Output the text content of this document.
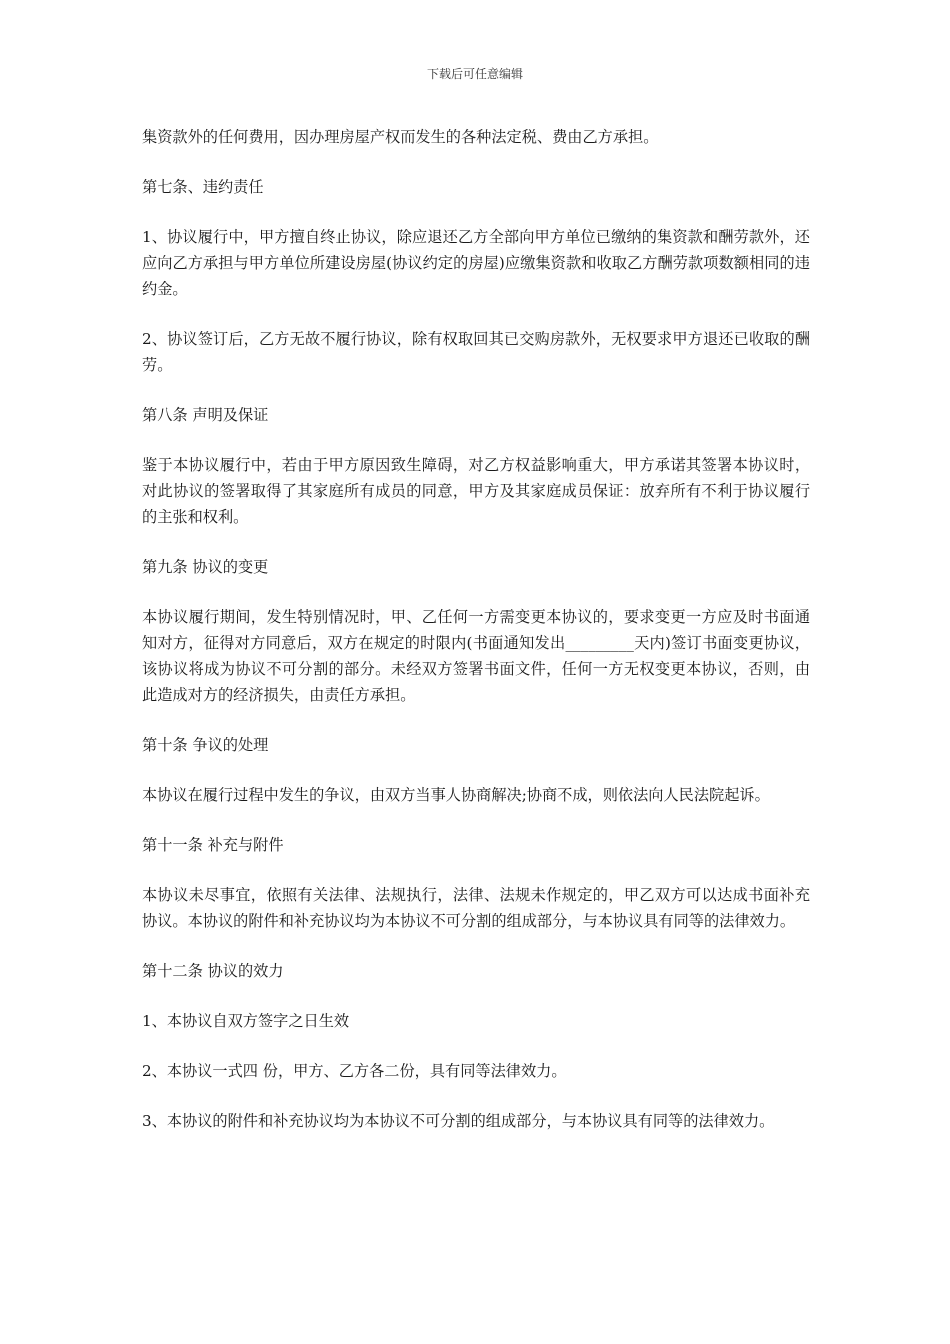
下载后可任意编辑

集资款外的任何费用，因办理房屋产权而发生的各种法定税、费由乙方承担。

第七条、违约责任

1、协议履行中，甲方擅自终止协议，除应退还乙方全部向甲方单位已缴纳的集资款和酬劳款外，还应向乙方承担与甲方单位所建设房屋(协议约定的房屋)应缴集资款和收取乙方酬劳款项数额相同的违约金。

2、协议签订后，乙方无故不履行协议，除有权取回其已交购房款外，无权要求甲方退还已收取的酬劳。

第八条 声明及保证

鉴于本协议履行中，若由于甲方原因致生障碍，对乙方权益影响重大，甲方承诺其签署本协议时，对此协议的签署取得了其家庭所有成员的同意，甲方及其家庭成员保证：放弃所有不利于协议履行的主张和权利。

第九条 协议的变更

本协议履行期间，发生特别情况时，甲、乙任何一方需变更本协议的，要求变更一方应及时书面通知对方，征得对方同意后，双方在规定的时限内(书面通知发出_________天内)签订书面变更协议，该协议将成为协议不可分割的部分。未经双方签署书面文件，任何一方无权变更本协议，否则，由此造成对方的经济损失，由责任方承担。

第十条 争议的处理

本协议在履行过程中发生的争议，由双方当事人协商解决;协商不成，则依法向人民法院起诉。

第十一条 补充与附件

本协议未尽事宜，依照有关法律、法规执行，法律、法规未作规定的，甲乙双方可以达成书面补充协议。本协议的附件和补充协议均为本协议不可分割的组成部分，与本协议具有同等的法律效力。

第十二条 协议的效力

1、本协议自双方签字之日生效

2、本协议一式四 份，甲方、乙方各二份，具有同等法律效力。

3、本协议的附件和补充协议均为本协议不可分割的组成部分，与本协议具有同等的法律效力。
